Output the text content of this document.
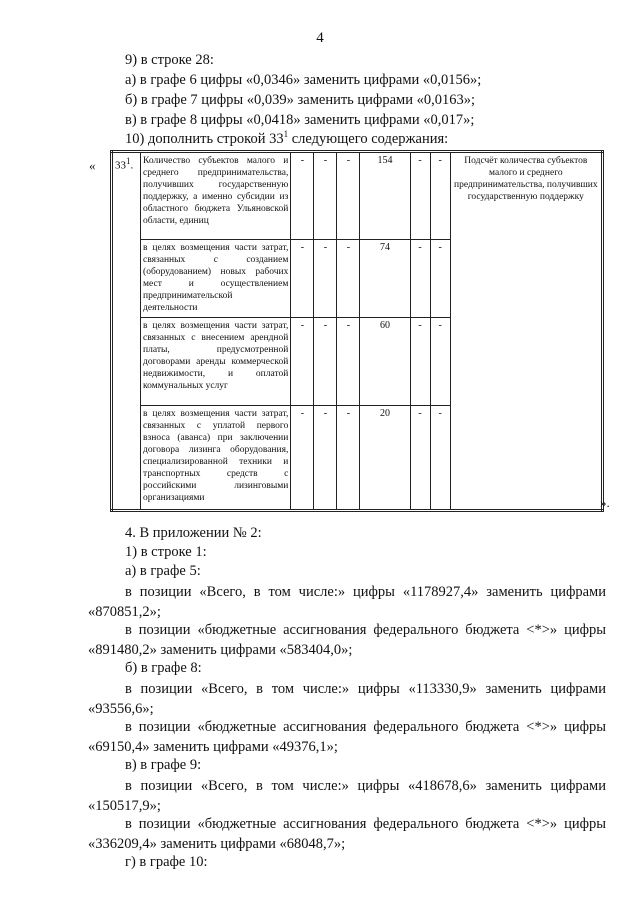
4
9) в строке 28:
а) в графе 6 цифры «0,0346» заменить цифрами «0,0156»;
б) в графе 7 цифры «0,039» заменить цифрами «0,0163»;
в) в графе 8 цифры «0,0418» заменить цифрами «0,017»;
10) дополнить строкой $33^1$ следующего содержания:
« $33^1$.	Количество субъектов малого и среднего предпринимательства, получивших государственную поддержку, а именно субсидии из областного бюджета Ульяновской области, единиц	-	-	-	154	-	-	Подсчёт количества субъектов малого и среднего предпринимательства, получивших государственную поддержку
	в целях возмещения части затрат, связанных с созданием (оборудованием) новых рабочих мест и осуществлением предпринимательской деятельности	-	-	-	74	-	-	
	в целях возмещения части затрат, связанных с внесением арендной платы, предусмотренной договорами аренды коммерческой недвижимости, и оплатой коммунальных услуг	-	-	-	60	-	-	
	в целях возмещения части затрат, связанных с уплатой первого взноса (аванса) при заключении договора лизинга оборудования, специализированной техники и транспортных средств с российскими лизинговыми организациями	-	-	-	20	-	-	
».
4. В приложении № 2:
1) в строке 1:
а) в графе 5:
в позиции «Всего, в том числе:» цифры «1178927,4» заменить цифрами «870851,2»;
в позиции «бюджетные ассигнования федерального бюджета <*>» цифры «891480,2» заменить цифрами «583404,0»;
б) в графе 8:
в позиции «Всего, в том числе:» цифры «113330,9» заменить цифрами «93556,6»;
в позиции «бюджетные ассигнования федерального бюджета <*>» цифры «69150,4» заменить цифрами «49376,1»;
в) в графе 9:
в позиции «Всего, в том числе:» цифры «418678,6» заменить цифрами «150517,9»;
в позиции «бюджетные ассигнования федерального бюджета <*>» цифры «336209,4» заменить цифрами «68048,7»;
г) в графе 10:
